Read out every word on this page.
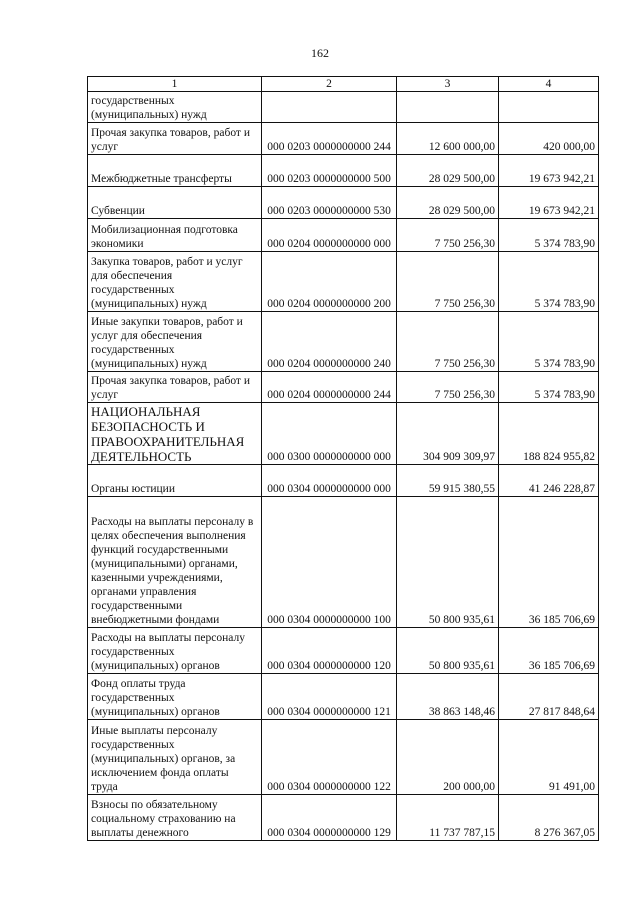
162
1	2	3	4
государственных (муниципальных) нужд			
Прочая закупка товаров, работ и услуг	000 0203 0000000000 244	12 600 000,00	420 000,00
Межбюджетные трансферты	000 0203 0000000000 500	28 029 500,00	19 673 942,21
Субвенции	000 0203 0000000000 530	28 029 500,00	19 673 942,21
Мобилизационная подготовка экономики	000 0204 0000000000 000	7 750 256,30	5 374 783,90
Закупка товаров, работ и услуг для обеспечения государственных (муниципальных) нужд	000 0204 0000000000 200	7 750 256,30	5 374 783,90
Иные закупки товаров, работ и услуг для обеспечения государственных (муниципальных) нужд	000 0204 0000000000 240	7 750 256,30	5 374 783,90
Прочая закупка товаров, работ и услуг	000 0204 0000000000 244	7 750 256,30	5 374 783,90
НАЦИОНАЛЬНАЯ БЕЗОПАСНОСТЬ И ПРАВООХРАНИТЕЛЬНАЯ ДЕЯТЕЛЬНОСТЬ	000 0300 0000000000 000	304 909 309,97	188 824 955,82
Органы юстиции	000 0304 0000000000 000	59 915 380,55	41 246 228,87
Расходы на выплаты персоналу в целях обеспечения выполнения функций государственными (муниципальными) органами, казенными учреждениями, органами управления государственными внебюджетными фондами	000 0304 0000000000 100	50 800 935,61	36 185 706,69
Расходы на выплаты персоналу государственных (муниципальных) органов	000 0304 0000000000 120	50 800 935,61	36 185 706,69
Фонд оплаты труда государственных (муниципальных) органов	000 0304 0000000000 121	38 863 148,46	27 817 848,64
Иные выплаты персоналу государственных (муниципальных) органов, за исключением фонда оплаты труда	000 0304 0000000000 122	200 000,00	91 491,00
Взносы по обязательному социальному страхованию на выплаты денежного	000 0304 0000000000 129	11 737 787,15	8 276 367,05
